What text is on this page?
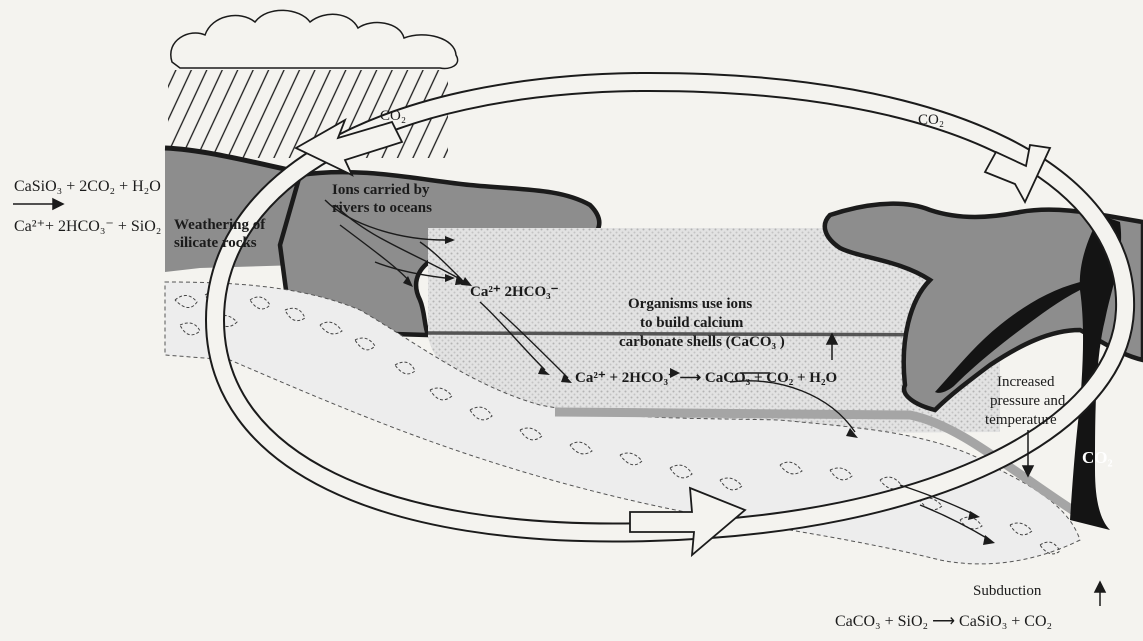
CO₂	CO₂
CaSiO₃ + 2CO₂ + H₂O
Ca²⁺+ 2HCO₃⁻ + SiO₂ Weathering of
silicate rocks
Ions carried by
rivers to oceans
Ca²⁺ 2HCO₃⁻
Organisms use ions
to build calcium
carbonate shells (CaCO₃ )
Ca²⁺ + 2HCO₃⁻ ⟶ CaCO₃ + CO₂ + H₂O	Increased
pressure and
temperature
CO₂
Subduction
CaCO₃ + SiO₂ ⟶ CaSiO₃ + CO₂
